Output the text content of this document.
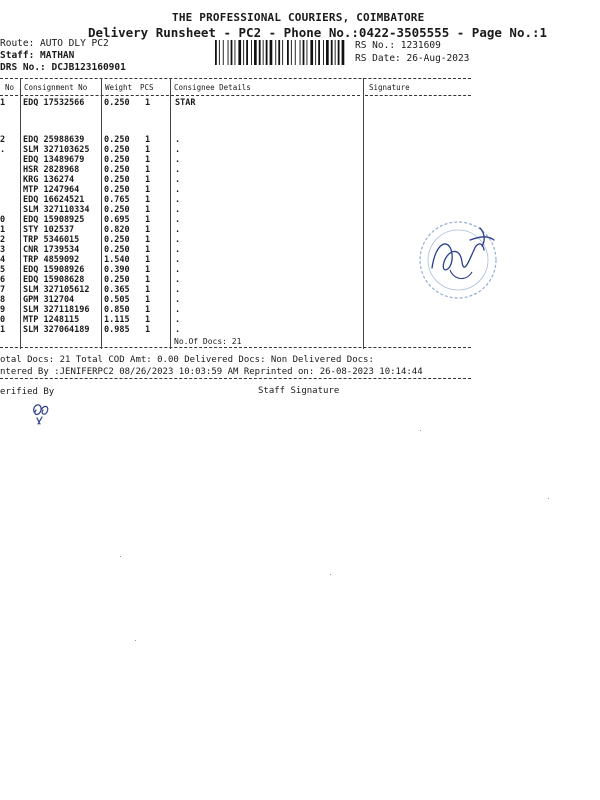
THE PROFESSIONAL COURIERS, COIMBATORE
Delivery Runsheet - PC2 - Phone No.:0422-3505555 - Page No.:1
Route: AUTO DLY PC2
Staff: MATHAN
DRS No.: DCJB123160901
RS No.: 1231609
RS Date: 26-Aug-2023
No Consignment No Weight PCS	Consignee Details	Signature
1 EDQ 17532566 0.250 1	STAR
2 EDQ 25988639 0.250 1	.
. SLM 327103625 0.250 1	.
EDQ 13489679 0.250 1	.
HSR 2828968	0.250 1	.
KRG 136274	0.250 1	.
MTP 1247964	0.250 1	.
EDQ 16624521 0.765 1	.
SLM 327110334 0.250 1	.
0 EDQ 15908925 0.695 1	.
1 STY 102537	0.820 1	.
2 TRP 5346015	0.250 1	.
3 CNR 1739534	0.250 1	.
4 TRP 4859092	1.540 1	.
5 EDQ 15908926 0.390 1	.
6 EDQ 15908628 0.250 1	.
7 SLM 327105612 0.365 1	.
8 GPM 312704	0.505 1	.
9 SLM 327118196 0.850 1	.
0 MTP 1248115	1.115 1	.
1 SLM 327064189 0.985 1	.
No.Of Docs: 21
otal Docs: 21 Total COD Amt: 0.00 Delivered Docs: Non Delivered Docs:
ntered By :JENIFERPC2 08/26/2023 10:03:59 AM Reprinted on: 26-08-2023 10:14:44
erified By	Staff Signature
